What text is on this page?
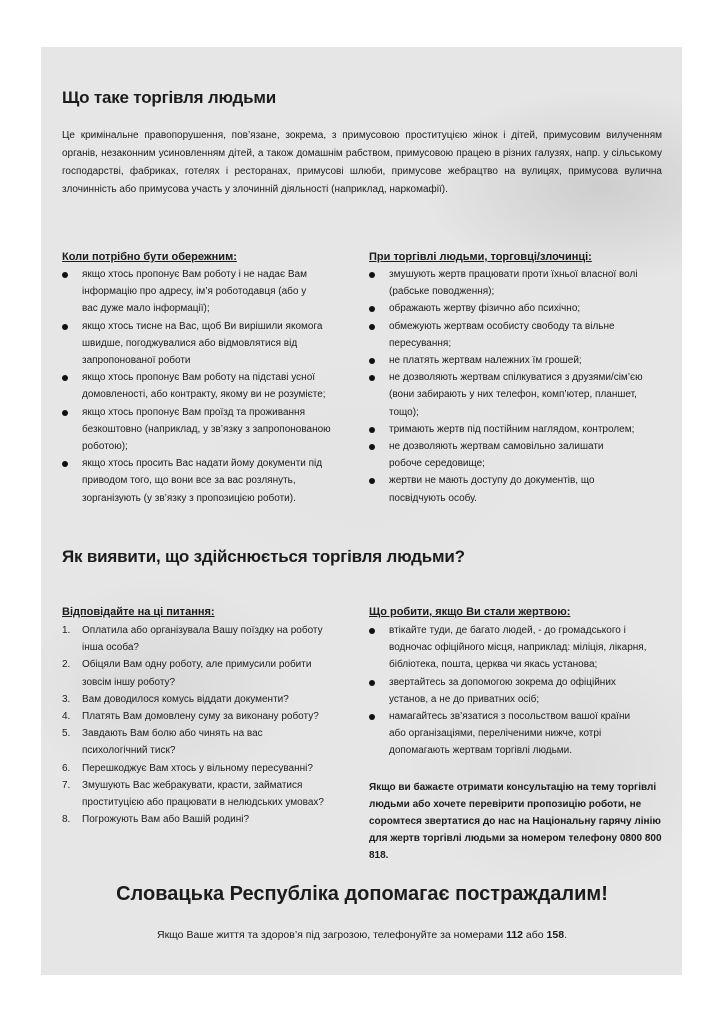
Що таке торгівля людьми

Це кримінальне правопорушення, пов’язане, зокрема, з примусовою проституцією жінок і дітей, примусовим вилученням органів, незаконним усиновленням дітей, а також домашнім рабством, примусовою працею в різних галузях, напр. у сільському господарстві, фабриках, готелях і ресторанах, примусові шлюби, примусове жебрацтво на вулицях, примусова вулична злочинність або примусова участь у злочинній діяльності (наприклад, наркомафії).

Коли потрібно бути обережним:

якщо хтось пропонує Вам роботу і не надає Вам інформацію про адресу, ім’я роботодавця (або у вас дуже мало інформації);
якщо хтось тисне на Вас, щоб Ви вирішили якомога швидше, погоджувалися або відмовлятися від запропонованої роботи
якщо хтось пропонує Вам роботу на підставі усної домовленості, або контракту, якому ви не розумієте;
якщо хтось пропонує Вам проїзд та проживання безкоштовно (наприклад, у зв’язку з запропонованою роботою);
якщо хтось просить Вас надати йому документи під приводом того, що вони все за вас розлянуть, зорганізують (у зв’язку з пропозицією роботи).

При торгівлі людьми, торговці/злочинці:

змушують жертв працювати проти їхньої власної волі (рабське поводження);
ображають жертву фізично або психічно;
обмежують жертвам особисту свободу та вільне пересування;
не платять жертвам належних їм грошей;
не дозволяють жертвам спілкуватися з друзями/сім’єю (вони забирають у них телефон, комп’ютер, планшет, тощо);
тримають жертв під постійним наглядом, контролем;
не дозволяють жертвам самовільно залишати робоче середовище;
жертви не мають доступу до документів, що посвідчують особу.
Як виявити, що здійснюється торгівля людьми?

Відповідайте на ці питання:

1. Оплатила або організувала Вашу поїздку на роботу інша особа?
2. Обіцяли Вам одну роботу, але примусили робити зовсім іншу роботу?
3. Вам доводилося комусь віддати документи?
4. Платять Вам домовлену суму за виконану роботу?
5. Завдають Вам болю або чинять на вас психологічний тиск?
6. Перешкоджує Вам хтось у вільному пересуванні?
7. Змушують Вас жебракувати, красти, займатися проституцією або працювати в нелюдських умовах?
8. Погрожують Вам або Вашій родині?

Що робити, якщо Ви стали жертвою:

втікайте туди, де багато людей, - до громадського і водночас офіційного місця, наприклад: міліція, лікарня, бібліотека, пошта, церква чи якась установа;
звертайтесь за допомогою зокрема до офіційних установ, а не до приватних осіб;
намагайтесь зв’язатися з посольством вашої країни або організаціями, переліченими нижче, котрі допомагають жертвам торгівлі людьми.

Якщо ви бажаєте отримати консультацію на тему торгівлі людьми або хочете перевірити пропозицію роботи, не соромтеся звертатися до нас на Національну гарячу лінію для жертв торгівлі людьми за номером телефону 0800 800 818.

Словацька Республіка допомагає постраждалим!

Якщо Ваше життя та здоров’я під загрозою, телефонуйте за номерами 112 або 158.
